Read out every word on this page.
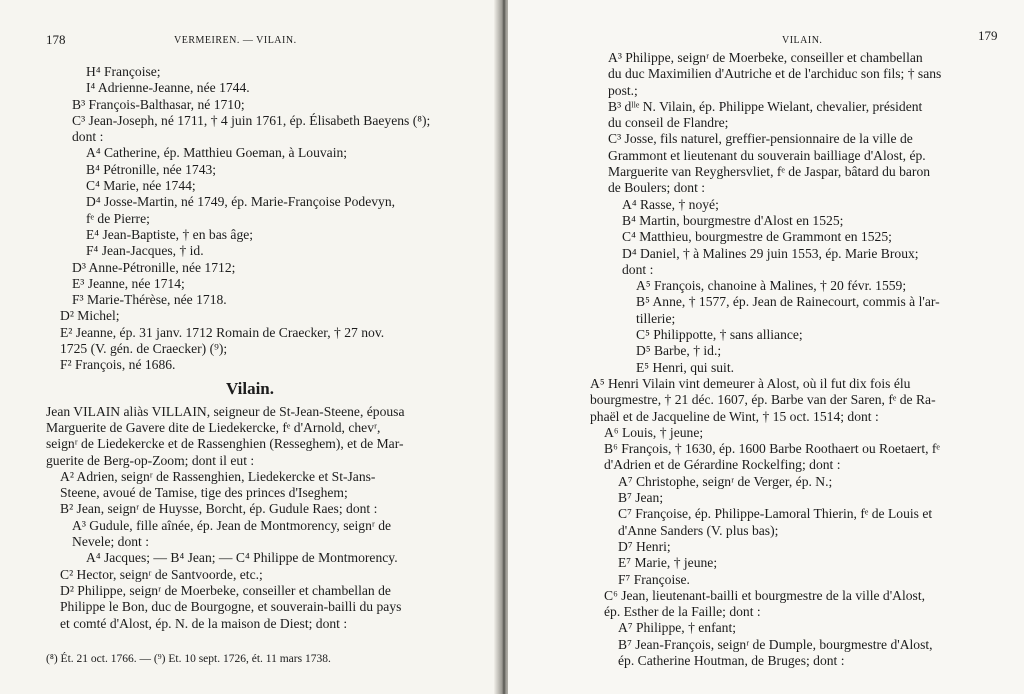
178	VERMEIREN. — VILAIN.
H⁴ Françoise;
I⁴ Adrienne-Jeanne, née 1744.
B³ François-Balthasar, né 1710;
C³ Jean-Joseph, né 1711, † 4 juin 1761, ép. Élisabeth Baeyens (⁸);
dont :
A⁴ Catherine, ép. Matthieu Goeman, à Louvain;
B⁴ Pétronille, née 1743;
C⁴ Marie, née 1744;
D⁴ Josse-Martin, né 1749, ép. Marie-Françoise Podevyn,
fᵉ de Pierre;
E⁴ Jean-Baptiste, † en bas âge;
F⁴ Jean-Jacques, † id.
D³ Anne-Pétronille, née 1712;
E³ Jeanne, née 1714;
F³ Marie-Thérèse, née 1718.
D² Michel;
E² Jeanne, ép. 31 janv. 1712 Romain de Craecker, † 27 nov.
1725 (V. gén. de Craecker) (⁹);
F² François, né 1686.
Vilain.
Jean VILAIN aliàs VILLAIN, seigneur de St-Jean-Steene, épousa
Marguerite de Gavere dite de Liedekercke, fᵉ d'Arnold, chevʳ,
seignʳ de Liedekercke et de Rassenghien (Resseghem), et de Mar-
guerite de Berg-op-Zoom; dont il eut :
A² Adrien, seignʳ de Rassenghien, Liedekercke et St-Jans-
Steene, avoué de Tamise, tige des princes d'Iseghem;
B² Jean, seignʳ de Huysse, Borcht, ép. Gudule Raes; dont :
A³ Gudule, fille aînée, ép. Jean de Montmorency, seignʳ de
Nevele; dont :
A⁴ Jacques; — B⁴ Jean; — C⁴ Philippe de Montmorency.
C² Hector, seignʳ de Santvoorde, etc.;
D² Philippe, seignʳ de Moerbeke, conseiller et chambellan de
Philippe le Bon, duc de Bourgogne, et souverain-bailli du pays
et comté d'Alost, ép. N. de la maison de Diest; dont :
(⁸) Ét. 21 oct. 1766. — (⁹) Et. 10 sept. 1726, ét. 11 mars 1738.
VILAIN.	179
A³ Philippe, seignʳ de Moerbeke, conseiller et chambellan
du duc Maximilien d'Autriche et de l'archiduc son fils; † sans
post.;
B³ dˡˡᵉ N. Vilain, ép. Philippe Wielant, chevalier, président
du conseil de Flandre;
C³ Josse, fils naturel, greffier-pensionnaire de la ville de
Grammont et lieutenant du souverain bailliage d'Alost, ép.
Marguerite van Reyghersvliet, fᵉ de Jaspar, bâtard du baron
de Boulers; dont :
A⁴ Rasse, † noyé;
B⁴ Martin, bourgmestre d'Alost en 1525;
C⁴ Matthieu, bourgmestre de Grammont en 1525;
D⁴ Daniel, † à Malines 29 juin 1553, ép. Marie Broux;
dont :
A⁵ François, chanoine à Malines, † 20 févr. 1559;
B⁵ Anne, † 1577, ép. Jean de Rainecourt, commis à l'ar-
tillerie;
C⁵ Philippotte, † sans alliance;
D⁵ Barbe, † id.;
E⁵ Henri, qui suit.
A⁵ Henri Vilain vint demeurer à Alost, où il fut dix fois élu
bourgmestre, † 21 déc. 1607, ép. Barbe van der Saren, fᵉ de Ra-
phaël et de Jacqueline de Wint, † 15 oct. 1514; dont :
A⁶ Louis, † jeune;
B⁶ François, † 1630, ép. 1600 Barbe Roothaert ou Roetaert, fᵉ
d'Adrien et de Gérardine Rockelfing; dont :
A⁷ Christophe, seignʳ de Verger, ép. N.;
B⁷ Jean;
C⁷ Françoise, ép. Philippe-Lamoral Thierin, fᵉ de Louis et
d'Anne Sanders (V. plus bas);
D⁷ Henri;
E⁷ Marie, † jeune;
F⁷ Françoise.
C⁶ Jean, lieutenant-bailli et bourgmestre de la ville d'Alost,
ép. Esther de la Faille; dont :
A⁷ Philippe, † enfant;
B⁷ Jean-François, seignʳ de Dumple, bourgmestre d'Alost,
ép. Catherine Houtman, de Bruges; dont :
